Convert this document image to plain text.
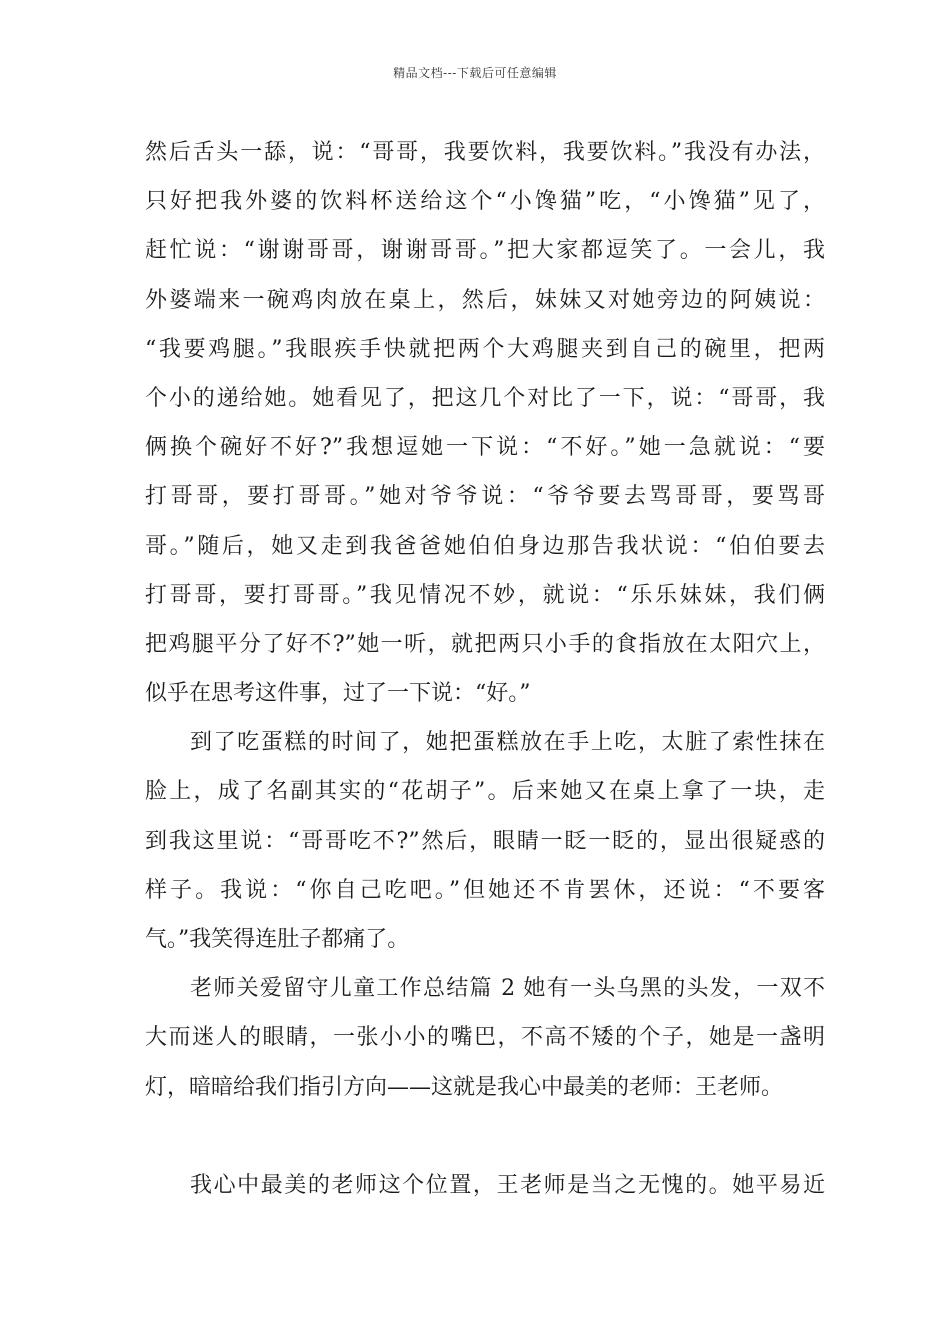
精品文档---下载后可任意编辑
然后舌头一舔，说：“哥哥，我要饮料，我要饮料。”我没有办法，
只好把我外婆的饮料杯送给这个“小馋猫”吃，“小馋猫”见了，
赶忙说：“谢谢哥哥，谢谢哥哥。”把大家都逗笑了。一会儿，我
外婆端来一碗鸡肉放在桌上，然后，妹妹又对她旁边的阿姨说：
“我要鸡腿。”我眼疾手快就把两个大鸡腿夹到自己的碗里，把两
个小的递给她。她看见了，把这几个对比了一下，说：“哥哥，我
俩换个碗好不好?”我想逗她一下说：“不好。”她一急就说：“要
打哥哥，要打哥哥。”她对爷爷说：“爷爷要去骂哥哥，要骂哥
哥。”随后，她又走到我爸爸她伯伯身边那告我状说：“伯伯要去
打哥哥，要打哥哥。”我见情况不妙，就说：“乐乐妹妹，我们俩
把鸡腿平分了好不?”她一听，就把两只小手的食指放在太阳穴上，
似乎在思考这件事，过了一下说：“好。”
到了吃蛋糕的时间了，她把蛋糕放在手上吃，太脏了索性抹在
脸上，成了名副其实的“花胡子”。后来她又在桌上拿了一块，走
到我这里说：“哥哥吃不?”然后，眼睛一眨一眨的，显出很疑惑的
样子。我说：“你自己吃吧。”但她还不肯罢休，还说：“不要客
气。”我笑得连肚子都痛了。
老师关爱留守儿童工作总结篇 2 她有一头乌黑的头发，一双不
大而迷人的眼睛，一张小小的嘴巴，不高不矮的个子，她是一盏明
灯，暗暗给我们指引方向——这就是我心中最美的老师：王老师。
我心中最美的老师这个位置，王老师是当之无愧的。她平易近
